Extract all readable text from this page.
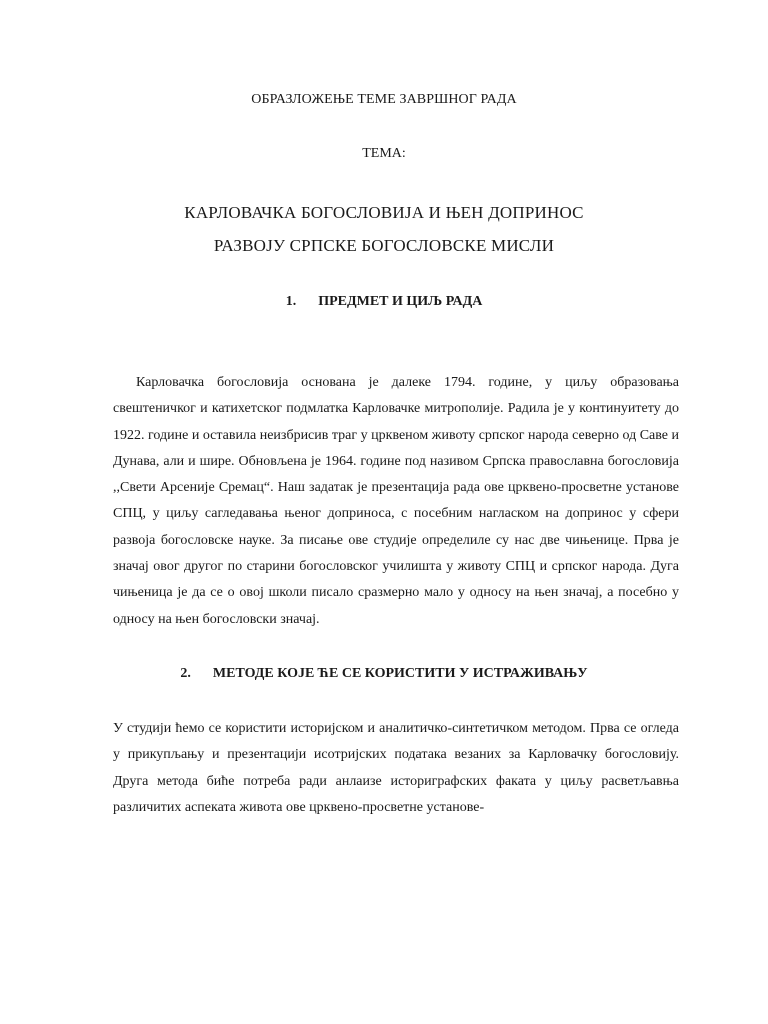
ОБРАЗЛОЖЕЊЕ ТЕМЕ ЗАВРШНОГ РАДА
ТЕМА:
КАРЛОВАЧКА БОГОСЛОВИЈА И ЊЕН ДОПРИНОС
РАЗВОЈУ СРПСКЕ БОГОСЛОВСКЕ МИСЛИ
1. ПРЕДМЕТ И ЦИЉ РАДА

Карловачка богословија основана је далеке 1794. године, у циљу образовања свештеничког и катихетског подмлатка Карловачке митрополије. Радила је у континуитету до 1922. године и оставила неизбрисив траг у црквеном животу српског народа северно од Саве и Дунава, али и шире. Обновљена је 1964. године под називом Српска православна богословија ,,Свети Арсеније Сремац“. Наш задатак је презентација рада ове црквено-просветне установе СПЦ, у циљу сагледавања њеног доприноса, с посебним нагласком на допринос у сфери развоја богословске науке. За писање ове студије определиле су нас две чињенице. Прва је значај овог другог по старини богословског училишта у животу СПЦ и српског народа. Дуга чињеница је да се о овој школи писало сразмерно мало у односу на њен значај, а посебно у односу на њен богословски значај.

2. МЕТОДЕ КОЈЕ ЋЕ СЕ КОРИСТИТИ У ИСТРАЖИВАЊУ

У студији ћемо се користити историјском и аналитичко-синтетичком методом. Прва се огледа у прикупљању и презентацији исотријских података везаних за Карловачку богословију. Друга метода биће потреба ради анлаизе историграфских факата у циљу расветљавња различитих аспеката живота ове црквено-просветне установе-
